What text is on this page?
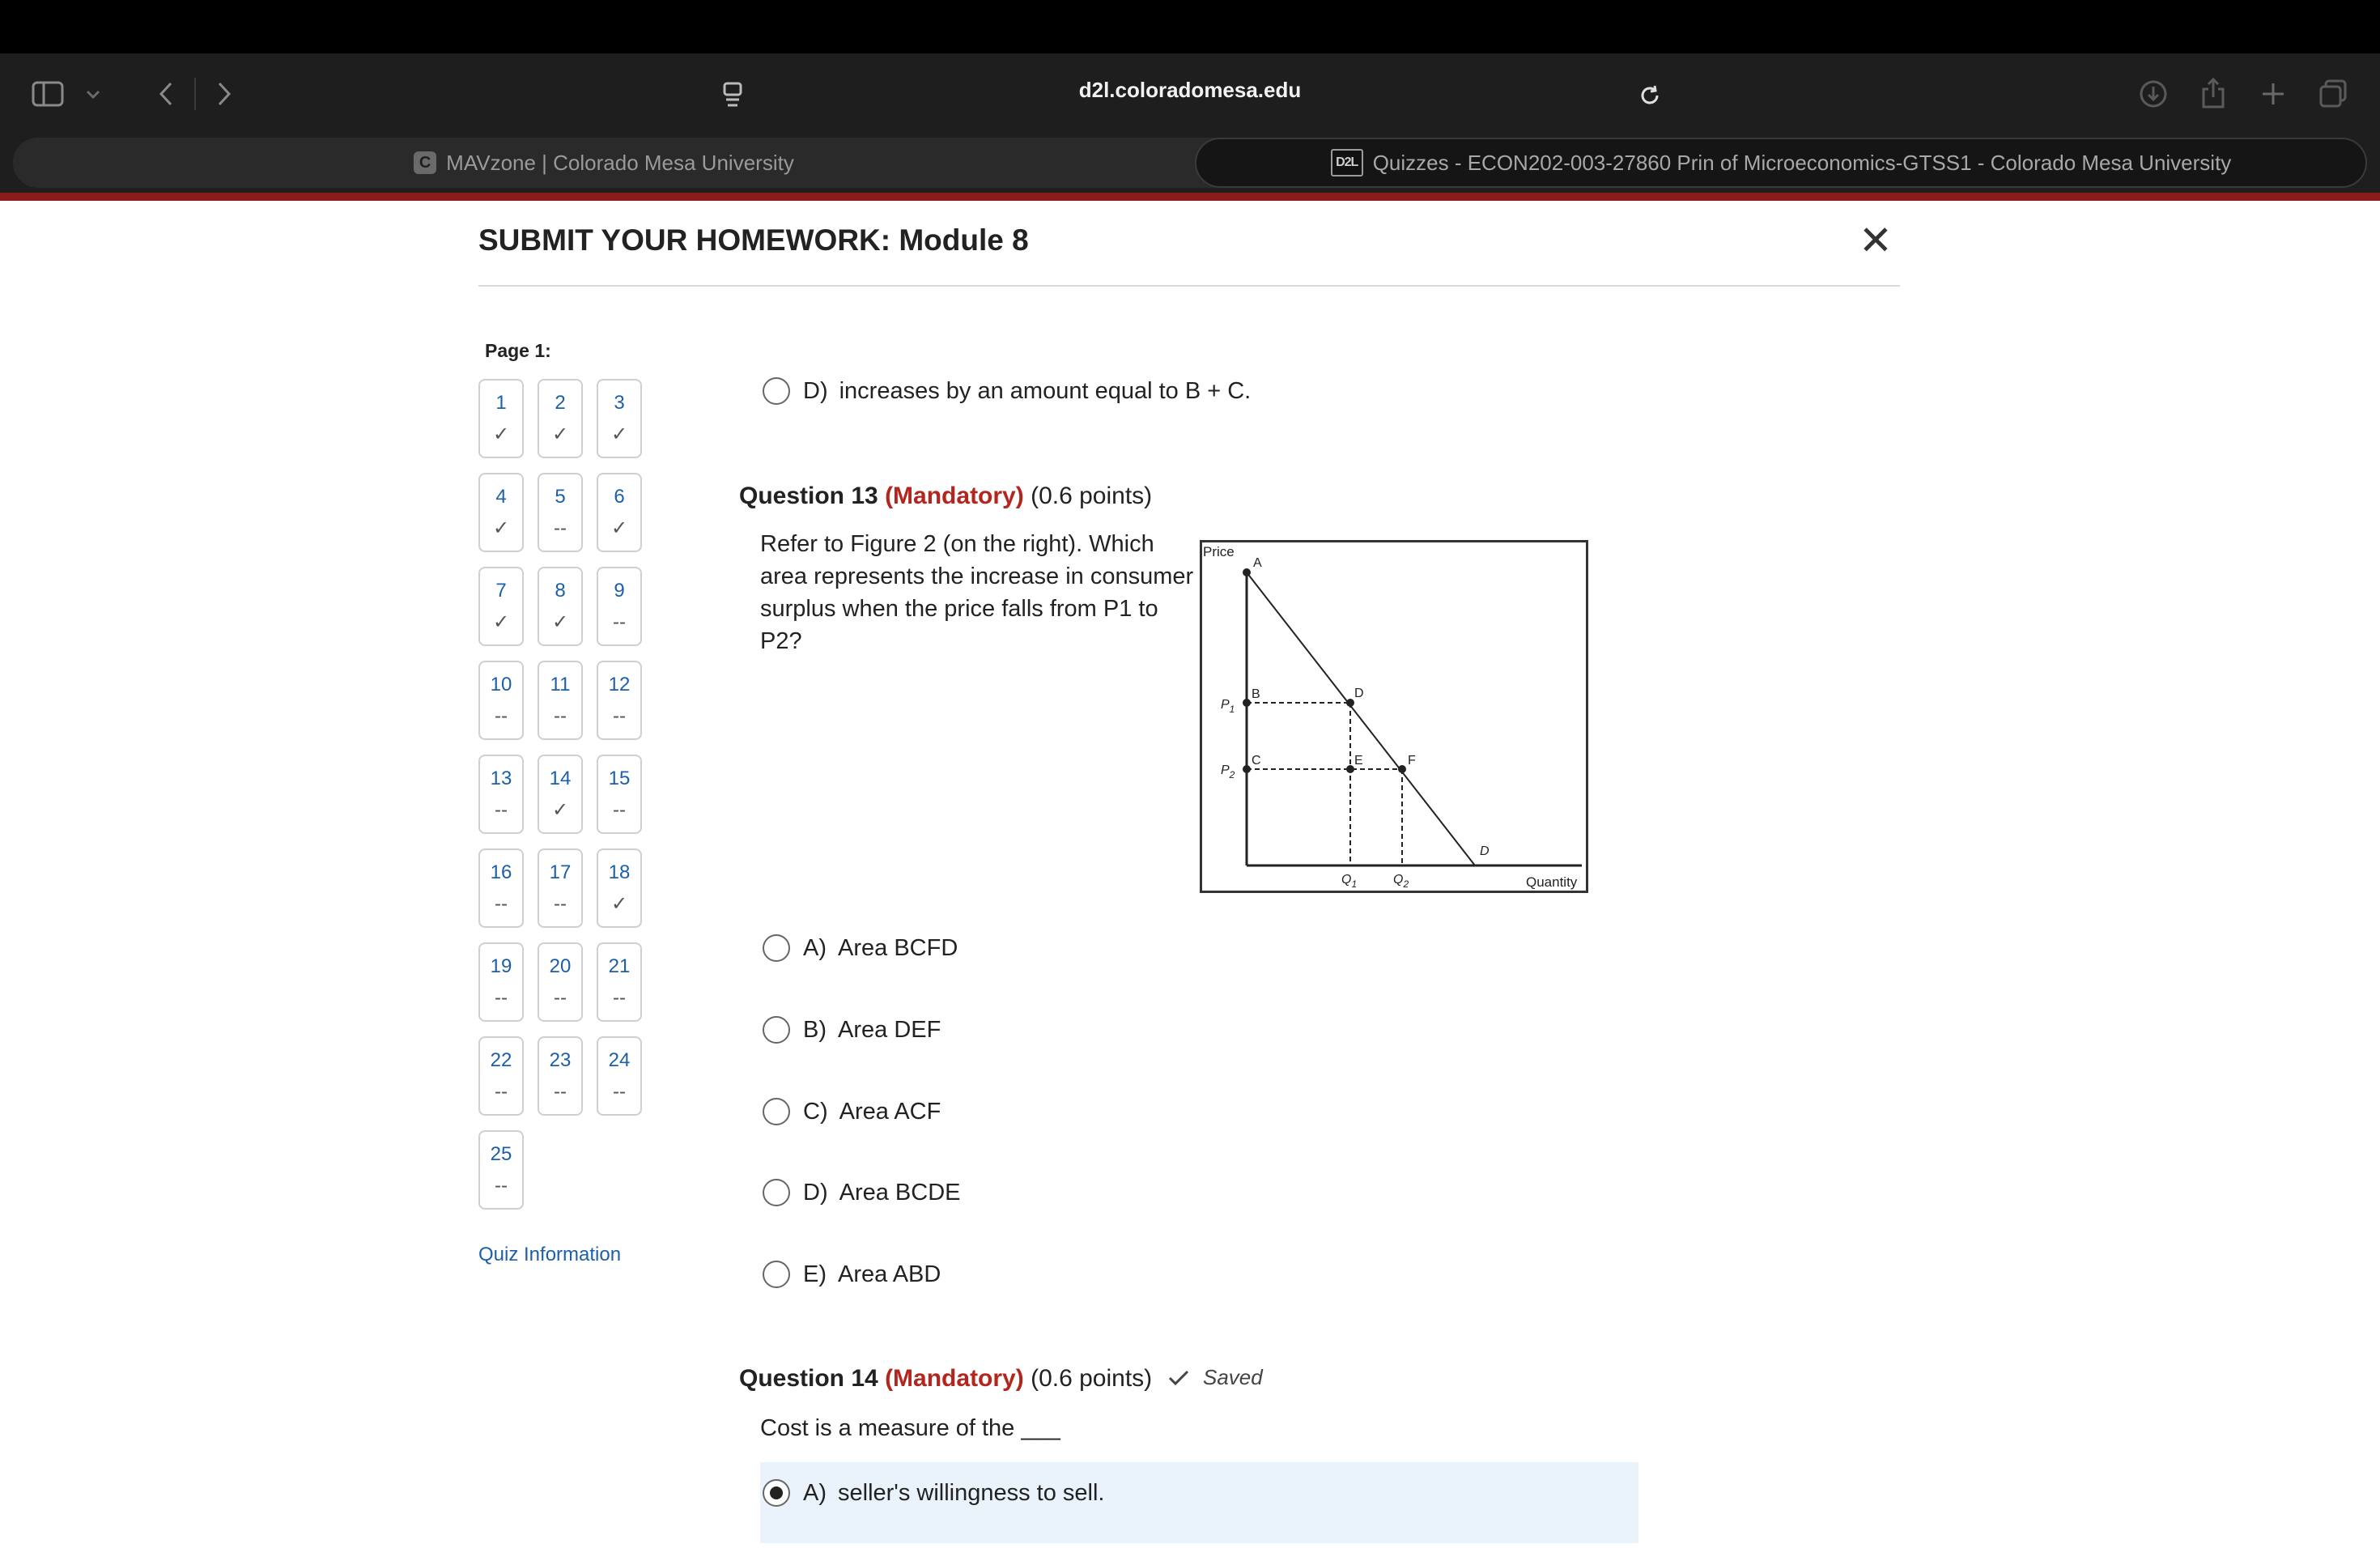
d2l.coloradomesa.edu
C MAVzone | Colorado Mesa University	D2L Quizzes - ECON202-003-27860 Prin of Microeconomics-GTSS1 - Colorado Mesa University
SUBMIT YOUR HOMEWORK: Module 8	✕
Page 1:
1
✓
2
✓
3
✓
4
✓
5
--
6
✓
7
✓
8
✓
9
--
10
--
11
--
12
--
13
--
14
✓
15
--
16
--
17
--
18
✓
19
--
20
--
21
--
22
--
23
--
24
--
25
--
Quiz Information
D) increases by an amount equal to B + C.
Question 13 (Mandatory) (0.6 points)
Refer to Figure 2 (on the right). Which area represents the increase in consumer surplus when the price falls from P1 to P2?
Price
Quantity
A
B
C
D
E	F
D
$P_1$
$P_2$
$Q_1$	$Q_2$
A) Area BCFD
B) Area DEF
C) Area ACF
D) Area BCDE
E) Area ABD
Question 14 (Mandatory) (0.6 points) Saved
Cost is a measure of the ___
A) seller's willingness to sell.
